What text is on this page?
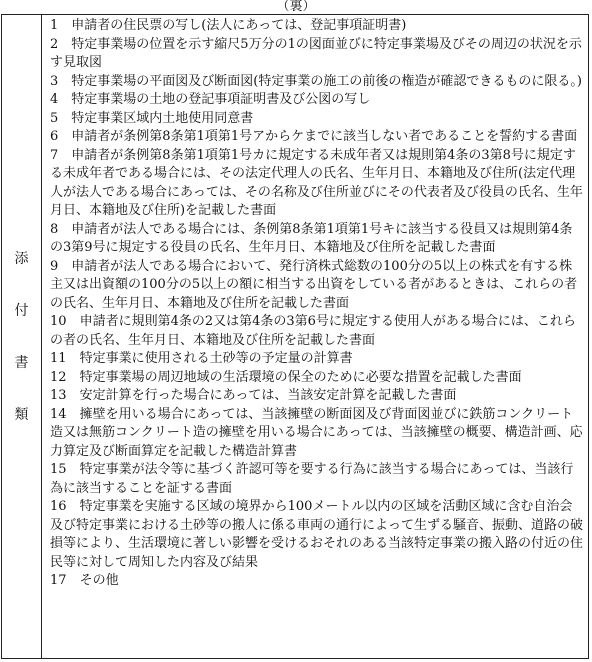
（裏）
添
付
書
類
1　 申請者の住民票の写し(法人にあっては、登記事項証明書)
2　 特定事業場の位置を示す縮尺5万分の1の図面並びに特定事業場及びその周辺の状況を示す見取図
3　 特定事業場の平面図及び断面図(特定事業の施工の前後の権造が確認できるものに限る。)
4　 特定事業場の土地の登記事項証明書及び公図の写し
5　 特定事業区域内土地使用同意書
6　 申請者が条例第8条第1項第1号アからケまでに該当しない者であることを誓約する書面
7　 申請者が条例第8条第1項第1号カに規定する未成年者又は規則第4条の3第8号に規定する未成年者である場合には、その法定代理人の氏名、生年月日、本籍地及び住所(法定代理人が法人である場合にあっては、その名称及び住所並びにその代表者及び役員の氏名、生年月日、本籍地及び住所)を記載した書面
8　 申請者が法人である場合には、条例第8条第1項第1号キに該当する役員又は規則第4条の3第9号に規定する役員の氏名、生年月日、本籍地及び住所を記載した書面
9　 申請者が法人である場合において、発行済株式総数の100分の5以上の株式を有する株主又は出資額の100分の5以上の額に相当する出資をしている者があるときは、これらの者の氏名、生年月日、本籍地及び住所を記載した書面
10　 申請者に規則第4条の2又は第4条の3第6号に規定する使用人がある場合には、これらの者の氏名、生年月日、本籍地及び住所を記載した書面
11　 特定事業に使用される土砂等の予定量の計算書
12　 特定事業場の周辺地域の生活環境の保全のために必要な措置を記載した書面
13　 安定計算を行った場合にあっては、当該安定計算を記載した書面
14　 擁壁を用いる場合にあっては、当該擁壁の断面図及び背面図並びに鉄筋コンクリート造又は無筋コンクリート造の擁壁を用いる場合にあっては、当該擁壁の概要、構造計画、応力算定及び断面算定を記載した構造計算書
15　 特定事業が法令等に基づく許認可等を要する行為に該当する場合にあっては、当該行為に該当することを証する書面
16　 特定事業を実施する区域の境界から100メートル以内の区域を活動区域に含む自治会及び特定事業における土砂等の搬人に係る車両の通行によって生ずる騒音、振動、道路の破損等により、生活環境に著しい影響を受けるおそれのある当該特定事業の搬入路の付近の住民等に対して周知した内容及び結果
17　 その他
